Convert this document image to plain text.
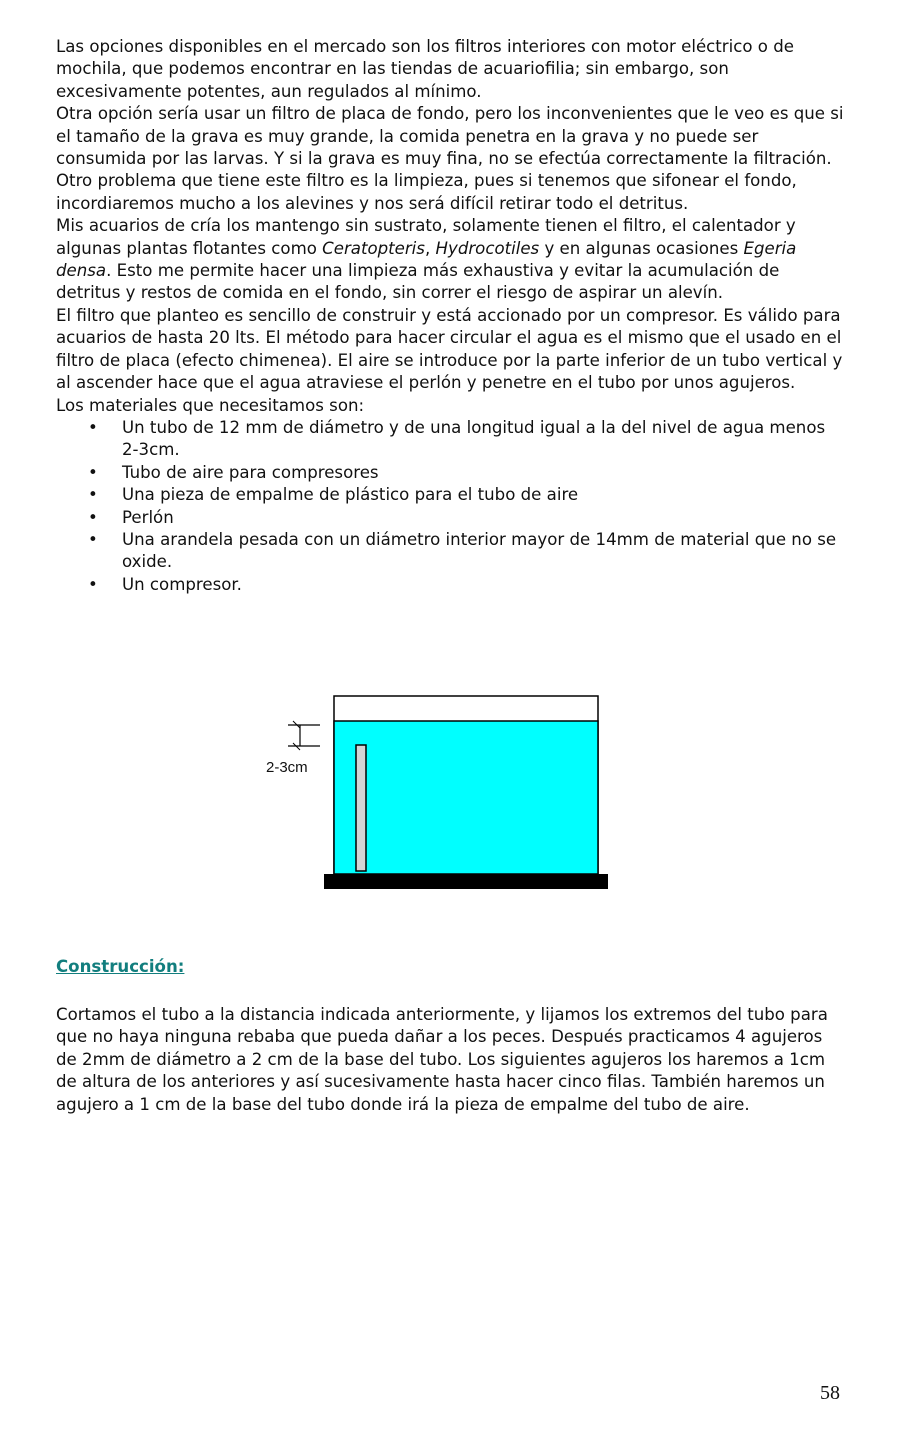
Las opciones disponibles en el mercado son los filtros interiores con motor eléctrico o de mochila, que podemos encontrar en las tiendas de acuariofilia; sin embargo, son excesivamente potentes, aun regulados al mínimo.

Otra opción sería usar un filtro de placa de fondo, pero los inconvenientes que le veo es que si el tamaño de la grava es muy grande, la comida penetra en la grava y no puede ser consumida por las larvas. Y si la grava es muy fina, no se efectúa correctamente la filtración. Otro problema que tiene este filtro es la limpieza, pues si tenemos que sifonear el fondo, incordiaremos mucho a los alevines y nos será difícil retirar todo el detritus.

Mis acuarios de cría los mantengo sin sustrato, solamente tienen el filtro, el calentador y algunas plantas flotantes como Ceratopteris, Hydrocotiles y en algunas ocasiones Egeria densa. Esto me permite hacer una limpieza más exhaustiva y evitar la acumulación de detritus y restos de comida en el fondo, sin correr el riesgo de aspirar un alevín.

El filtro que planteo es sencillo de construir y está accionado por un compresor. Es válido para acuarios de hasta 20 lts. El método para hacer circular el agua es el mismo que el usado en el filtro de placa (efecto chimenea). El aire se introduce por la parte inferior de un tubo vertical y al ascender hace que el agua atraviese el perlón y penetre en el tubo por unos agujeros.

Los materiales que necesitamos son:

• Un tubo de 12 mm de diámetro y de una longitud igual a la del nivel de agua menos 2-3cm.
• Tubo de aire para compresores
• Una pieza de empalme de plástico para el tubo de aire
• Perlón
• Una arandela pesada con un diámetro interior mayor de 14mm de material que no se oxide.
• Un compresor.
2-3cm
Construcción:

Cortamos el tubo a la distancia indicada anteriormente, y lijamos los extremos del tubo para que no haya ninguna rebaba que pueda dañar a los peces. Después practicamos 4 agujeros de 2mm de diámetro a 2 cm de la base del tubo. Los siguientes agujeros los haremos a 1cm de altura de los anteriores y así sucesivamente hasta hacer cinco filas. También haremos un agujero a 1 cm de la base del tubo donde irá la pieza de empalme del tubo de aire.

58
